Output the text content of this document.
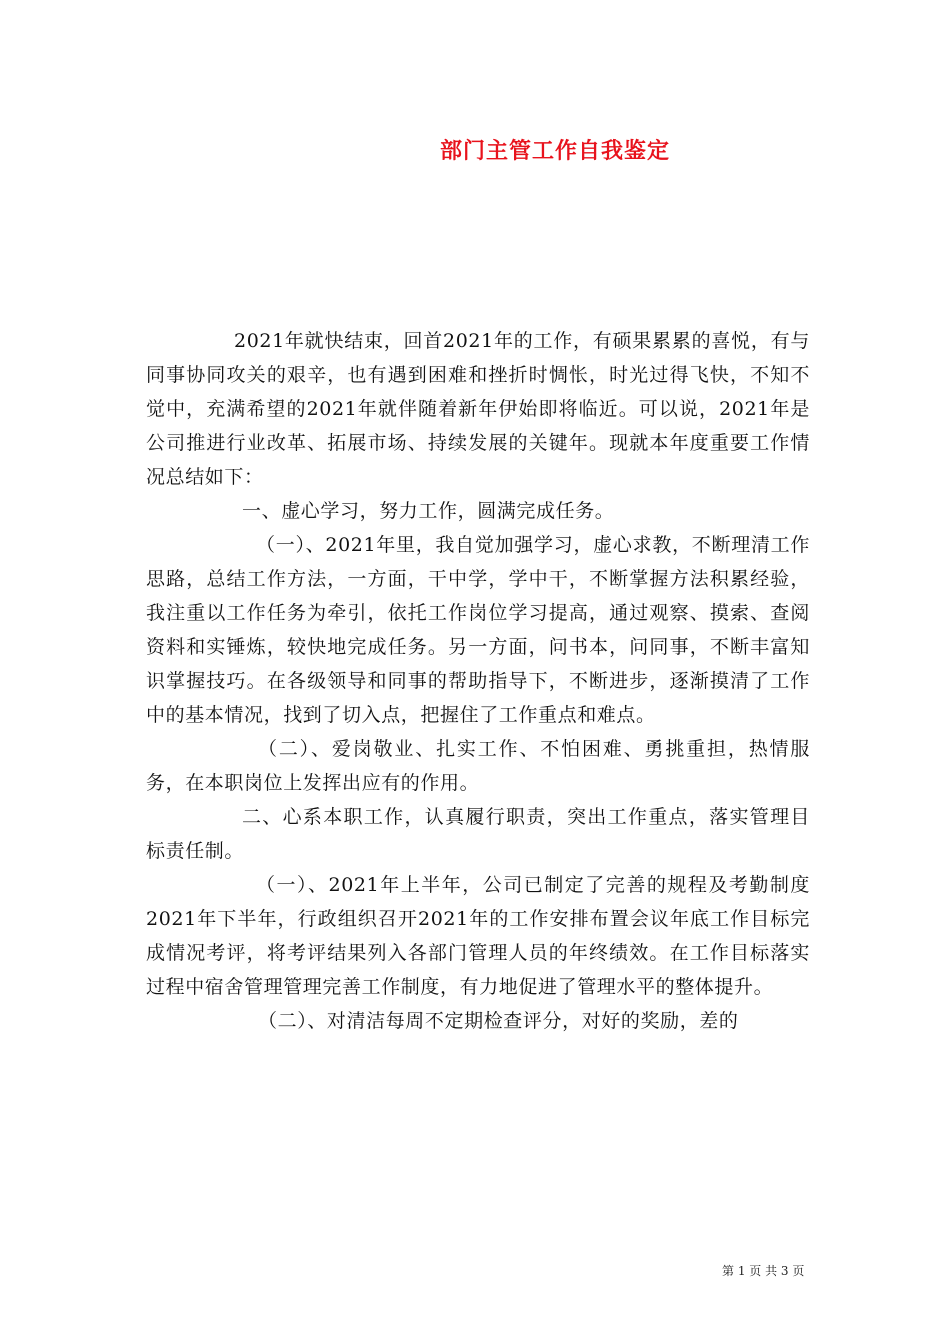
部门主管工作自我鉴定

2021年就快结束，回首2021年的工作，有硕果累累的喜悦，有与同事协同攻关的艰辛，也有遇到困难和挫折时惆怅，时光过得飞快，不知不觉中，充满希望的2021年就伴随着新年伊始即将临近。可以说，2021年是公司推进行业改革、拓展市场、持续发展的关键年。现就本年度重要工作情况总结如下：

一、虚心学习，努力工作，圆满完成任务。

（一）、2021年里，我自觉加强学习，虚心求教，不断理清工作思路，总结工作方法，一方面，干中学，学中干，不断掌握方法积累经验，我注重以工作任务为牵引，依托工作岗位学习提高，通过观察、摸索、查阅资料和实锤炼，较快地完成任务。另一方面，问书本，问同事，不断丰富知识掌握技巧。在各级领导和同事的帮助指导下，不断进步，逐渐摸清了工作中的基本情况，找到了切入点，把握住了工作重点和难点。

（二）、爱岗敬业、扎实工作、不怕困难、勇挑重担，热情服务，在本职岗位上发挥出应有的作用。

二、心系本职工作，认真履行职责，突出工作重点，落实管理目标责任制。

（一）、2021年上半年，公司已制定了完善的规程及考勤制度2021年下半年，行政组织召开2021年的工作安排布置会议年底工作目标完成情况考评，将考评结果列入各部门管理人员的年终绩效。在工作目标落实过程中宿舍管理管理完善工作制度，有力地促进了管理水平的整体提升。

（二）、对清洁每周不定期检查评分，对好的奖励，差的

第 1 页 共 3 页
